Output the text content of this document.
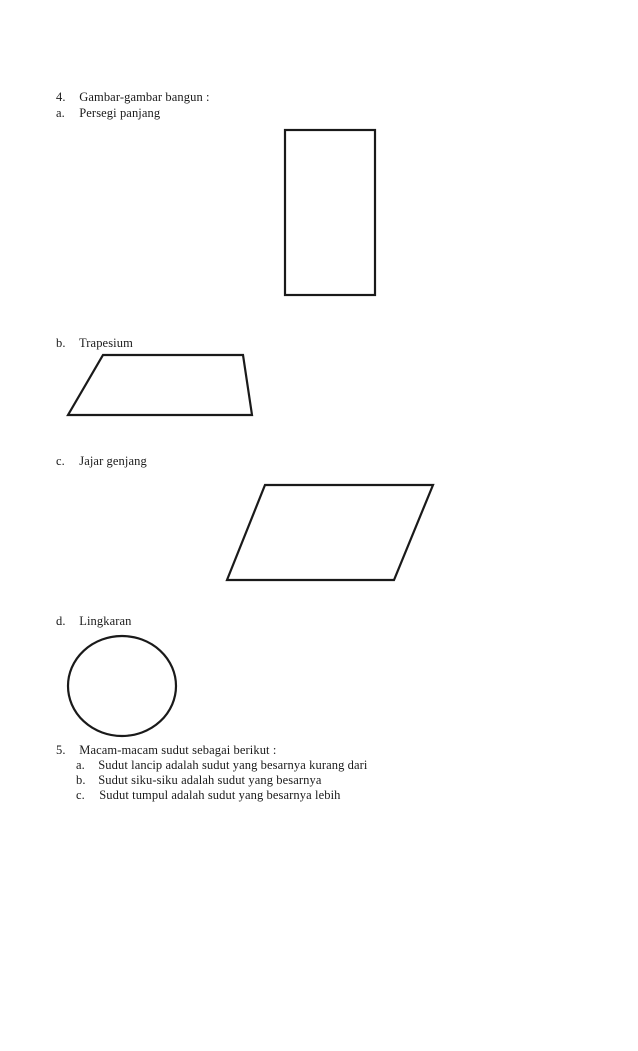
4. Gambar-gambar bangun :
a. Persegi panjang
b. Trapesium
c. Jajar genjang
d. Lingkaran
5. Macam-macam sudut sebagai berikut :
a. Sudut lancip adalah sudut yang besarnya kurang dari
b. Sudut siku-siku adalah sudut yang besarnya
c. Sudut tumpul adalah sudut yang besarnya lebih
